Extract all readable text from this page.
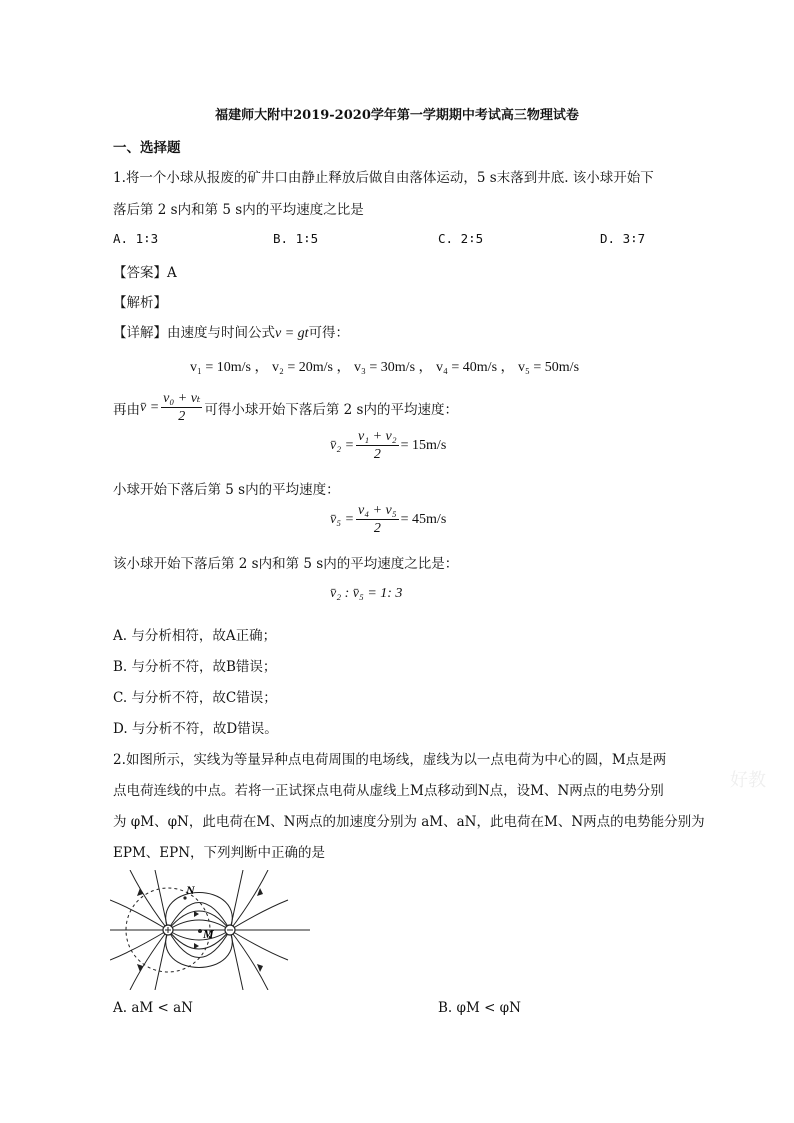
福建师大附中2019-2020学年第一学期期中考试高三物理试卷
一、选择题
1.将一个小球从报废的矿井口由静止释放后做自由落体运动，5 s末落到井底. 该小球开始下
落后第 2 s内和第 5 s内的平均速度之比是
A. 1∶3	B. 1∶5	C. 2∶5	D. 3∶7
【答案】A
【解析】
【详解】由速度与时间公式v = gt可得：
v₁ = 10m/s ， v₂ = 20m/s ， v₃ = 30m/s ， v₄ = 40m/s ， v₅ = 50m/s
再由 v̄ = $\frac{\text{v₀ + vₜ}}{2}$ 可得小球开始下落后第 2 s内的平均速度：
v̄₂ = $\frac{\text{v₁ + v₂}}{2} = 15m/s$
小球开始下落后第 5 s内的平均速度：
v̄₅ = $\frac{\text{v₄ + v₅}}{2} = 45m/s$
该小球开始下落后第 2 s内和第 5 s内的平均速度之比是：
v̄₂ : v̄₅ = 1: 3
A. 与分析相符，故A正确；
B. 与分析不符，故B错误；
C. 与分析不符，故C错误；
D. 与分析不符，故D错误。
2.如图所示，实线为等量异种点电荷周围的电场线，虚线为以一点电荷为中心的圆，M点是两
点电荷连线的中点。若将一正试探点电荷从虚线上M点移动到N点，设M、N两点的电势分别
为 φM、φN，此电荷在M、N两点的加速度分别为 aM、aN，此电荷在M、N两点的电势能分别为
EPM、EPN，下列判断中正确的是
好教
M
N
A. aM < aN	B. φM < φN
